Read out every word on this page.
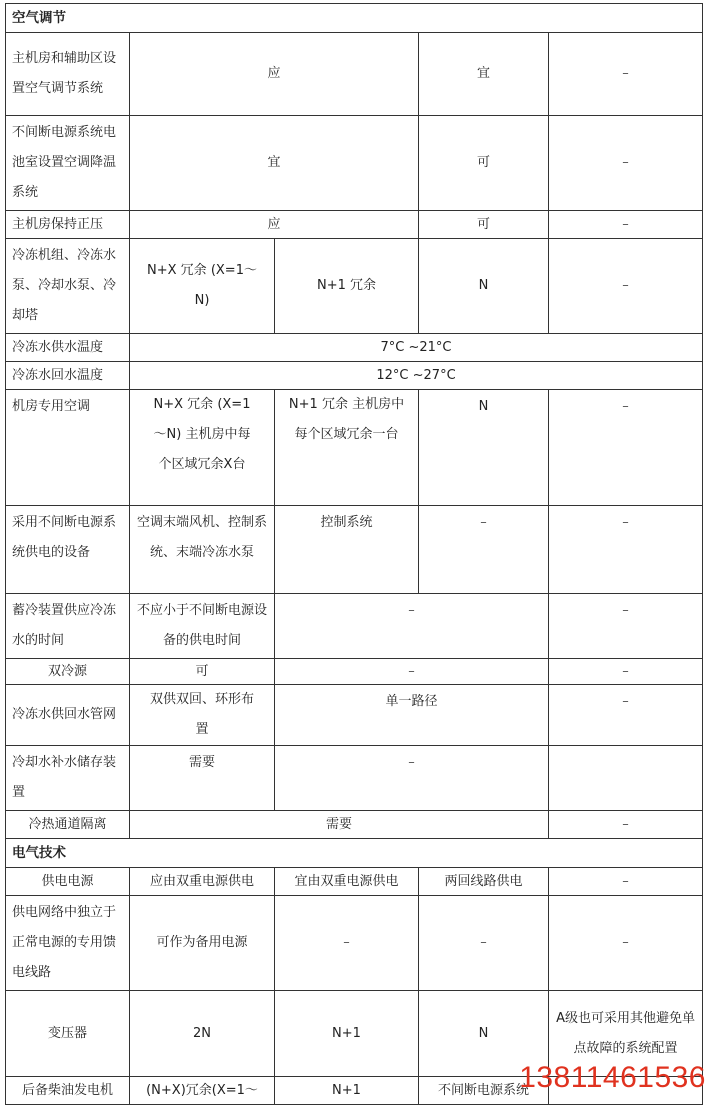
空气调节				
主机房和辅助区设置空气调节系统	应		宜	–
不间断电源系统电池室设置空调降温系统	宜		可	–
主机房保持正压	应		可	–
冷冻机组、冷冻水泵、冷却水泵、冷却塔	N+X 冗余 (X=1～N)	N+1 冗余	N	–
冷冻水供水温度	7°C ~21°C			
冷冻水回水温度	12°C ~27°C			
机房专用空调	N+X 冗余 (X=1～N) 主机房中每个区域冗余X台	N+1 冗余 主机房中每个区域冗余一台	N	–
采用不间断电源系统供电的设备	空调末端风机、控制系统、末端冷冻水泵	控制系统	–	–
蓄冷装置供应冷冻水的时间	不应小于不间断电源设备的供电时间	–		–
双冷源	可	–		–
冷冻水供回水管网	双供双回、环形布置	单一路径		–
冷却水补水储存装置	需要	–		
冷热通道隔离	需要			–
电气技术				
供电电源	应由双重电源供电	宜由双重电源供电	两回线路供电	–
供电网络中独立于正常电源的专用馈电线路	可作为备用电源	–	–	–
变压器	2N	N+1	N	A级也可采用其他避免单点故障的系统配置
后备柴油发电机	(N+X)冗余(X=1～	N+1	不间断电源系统	
13811461536
